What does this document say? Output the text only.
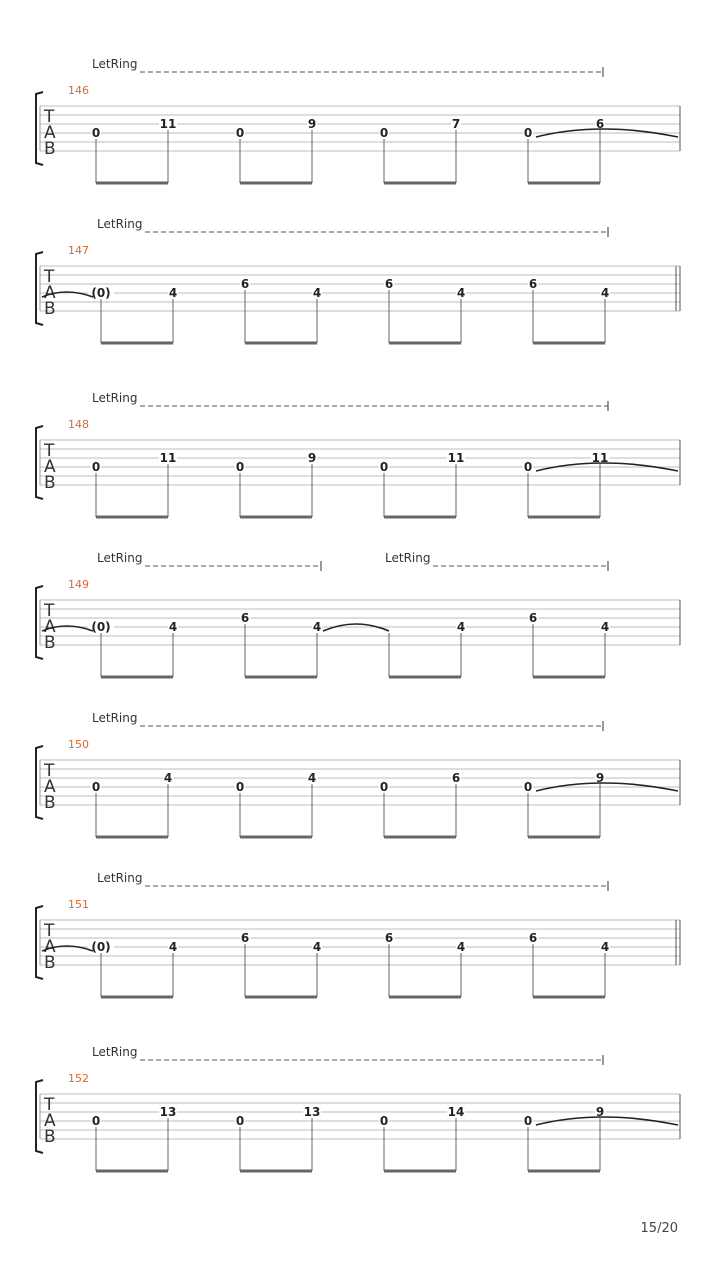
T
A
B
146
LetRing
0
11
0
9
0
7
0
6
T
A
B
147
LetRing
(0)	4
6
4
6
4
6
4
T
A
B
148
LetRing
0
11
0
9
0
11
0
11
T
A
B
149
LetRing	LetRing
(0)	4
6
4	4
6
4
T
A
B
150
LetRing
0
4
0
4
0
6
0
9
T
A
B
151
LetRing
(0)	4
6
4
6
4
6
4
T
A
B
152
LetRing
0
13
0
13
0
14
0
9
15/20
